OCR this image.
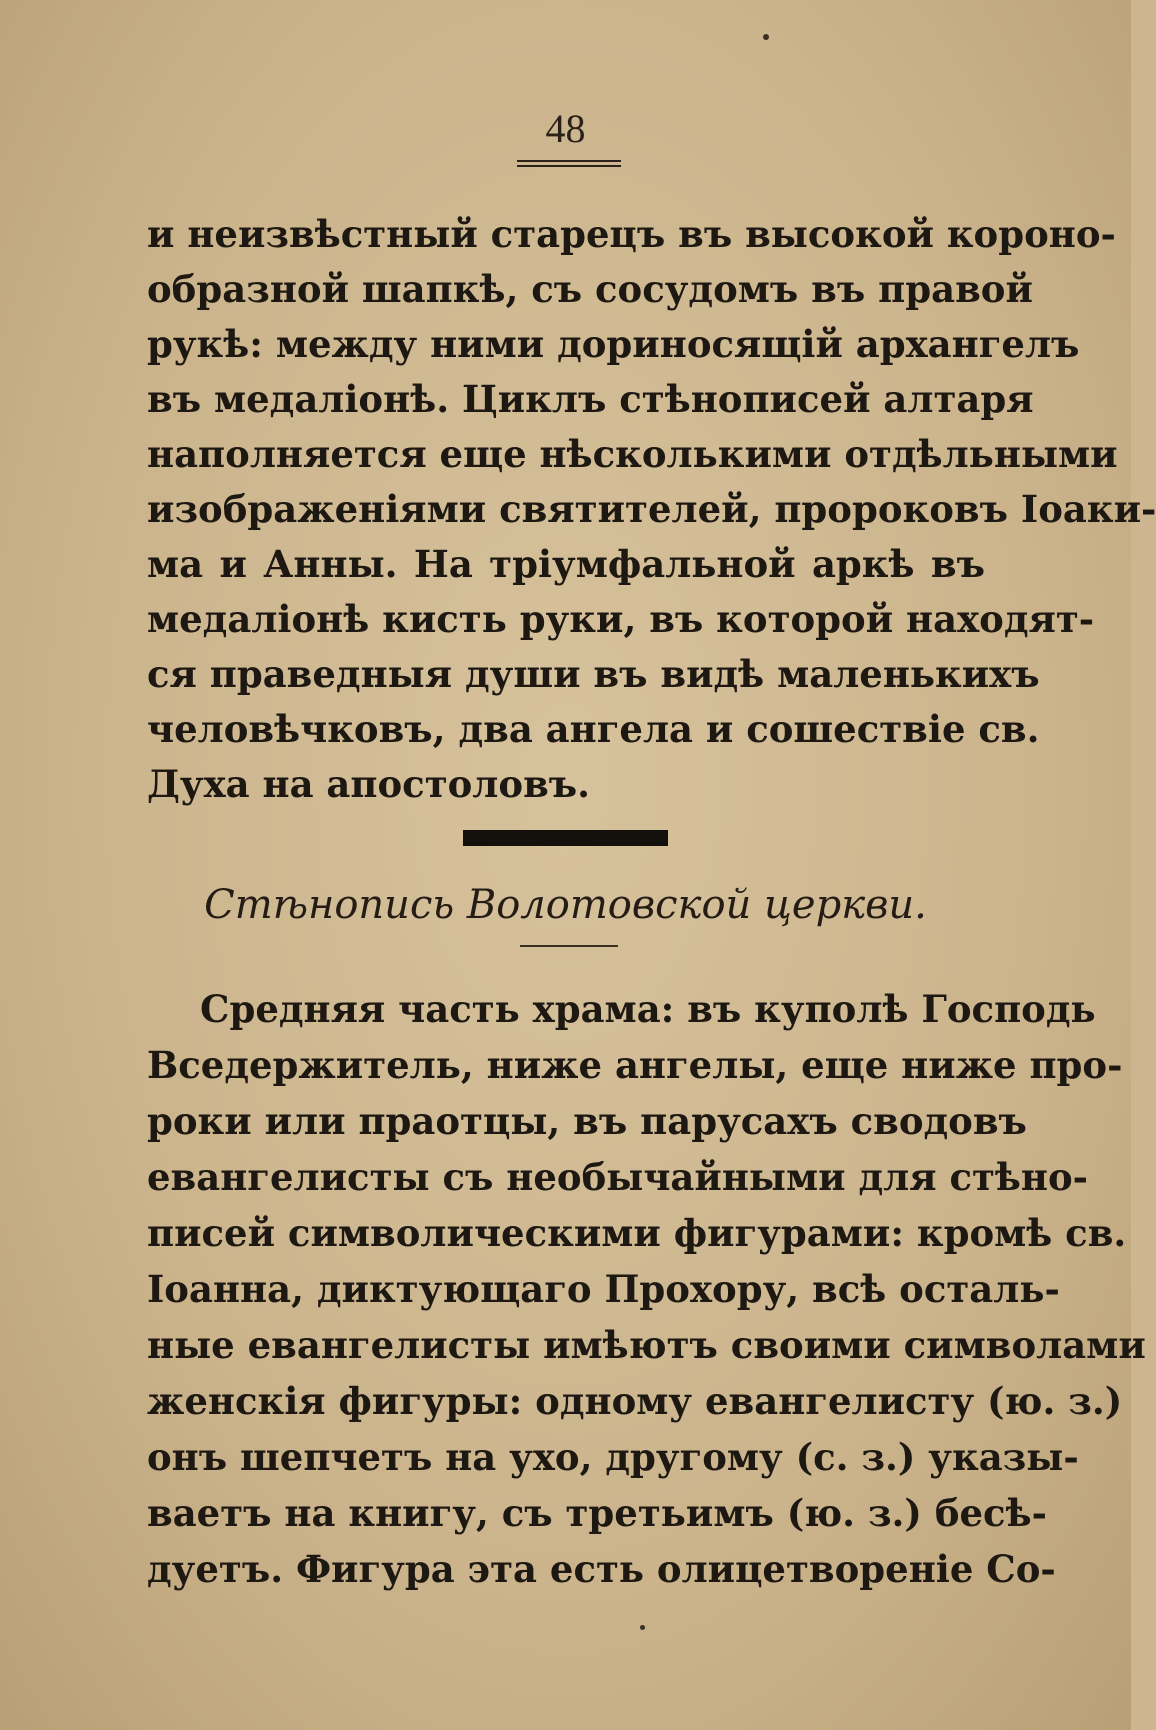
48
и неизвѣстный старецъ въ высокой короно-
образной шапкѣ, съ сосудомъ въ правой
рукѣ: между ними дориносящій архангелъ
въ медаліонѣ. Циклъ стѣнописей алтаря
наполняется еще нѣсколькими отдѣльными
изображеніями святителей, пророковъ Іоаки-
ма и Анны. На тріумфальной аркѣ въ
медаліонѣ кисть руки, въ которой находят-
ся праведныя души въ видѣ маленькихъ
человѣчковъ, два ангела и сошествіе св.
Духа на апостоловъ.
Стѣнопись Волотовской церкви.
Средняя часть храма: въ куполѣ Господь
Вседержитель, ниже ангелы, еще ниже про-
роки или праотцы, въ парусахъ сводовъ
евангелисты съ необычайными для стѣно-
писей символическими фигурами: кромѣ св.
Іоанна, диктующаго Прохору, всѣ осталь-
ные евангелисты имѣютъ своими символами
женскія фигуры: одному евангелисту (ю. з.)
онъ шепчетъ на ухо, другому (с. з.) указы-
ваетъ на книгу, съ третьимъ (ю. з.) бесѣ-
дуетъ. Фигура эта есть олицетвореніе Со-
